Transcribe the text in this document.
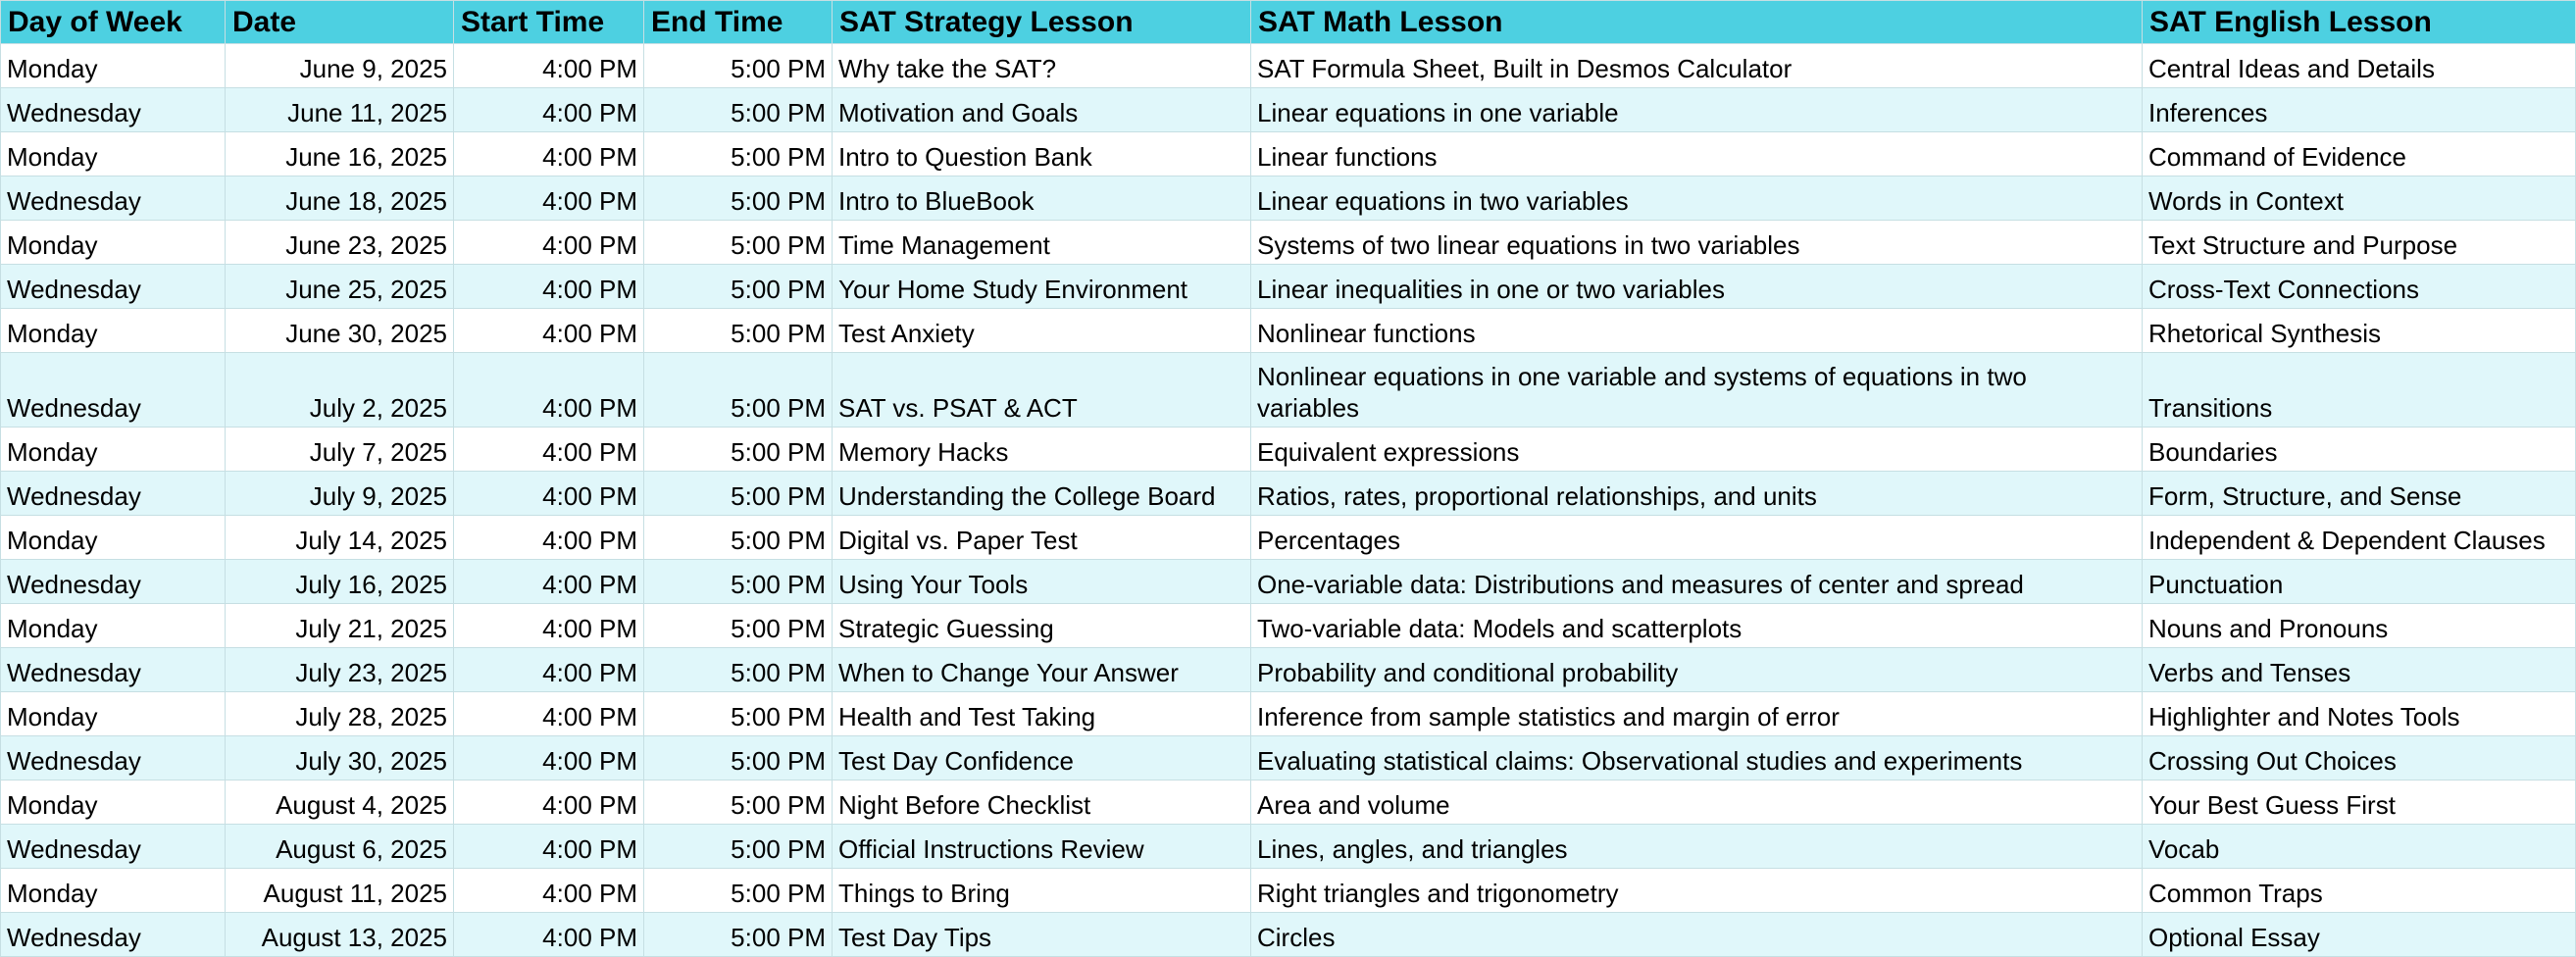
Day of Week	Date	Start Time	End Time	SAT Strategy Lesson	SAT Math Lesson	SAT English Lesson
Monday	June 9, 2025	4:00 PM	5:00 PM	Why take the SAT?	SAT Formula Sheet, Built in Desmos Calculator	Central Ideas and Details
Wednesday	June 11, 2025	4:00 PM	5:00 PM	Motivation and Goals	Linear equations in one variable	Inferences
Monday	June 16, 2025	4:00 PM	5:00 PM	Intro to Question Bank	Linear functions	Command of Evidence
Wednesday	June 18, 2025	4:00 PM	5:00 PM	Intro to BlueBook	Linear equations in two variables	Words in Context
Monday	June 23, 2025	4:00 PM	5:00 PM	Time Management	Systems of two linear equations in two variables	Text Structure and Purpose
Wednesday	June 25, 2025	4:00 PM	5:00 PM	Your Home Study Environment	Linear inequalities in one or two variables	Cross-Text Connections
Monday	June 30, 2025	4:00 PM	5:00 PM	Test Anxiety	Nonlinear functions	Rhetorical Synthesis
Wednesday	July 2, 2025	4:00 PM	5:00 PM	SAT vs. PSAT & ACT	Nonlinear equations in one variable and systems of equations in two variables	Transitions
Monday	July 7, 2025	4:00 PM	5:00 PM	Memory Hacks	Equivalent expressions	Boundaries
Wednesday	July 9, 2025	4:00 PM	5:00 PM	Understanding the College Board	Ratios, rates, proportional relationships, and units	Form, Structure, and Sense
Monday	July 14, 2025	4:00 PM	5:00 PM	Digital vs. Paper Test	Percentages	Independent & Dependent Clauses
Wednesday	July 16, 2025	4:00 PM	5:00 PM	Using Your Tools	One-variable data: Distributions and measures of center and spread	Punctuation
Monday	July 21, 2025	4:00 PM	5:00 PM	Strategic Guessing	Two-variable data: Models and scatterplots	Nouns and Pronouns
Wednesday	July 23, 2025	4:00 PM	5:00 PM	When to Change Your Answer	Probability and conditional probability	Verbs and Tenses
Monday	July 28, 2025	4:00 PM	5:00 PM	Health and Test Taking	Inference from sample statistics and margin of error	Highlighter and Notes Tools
Wednesday	July 30, 2025	4:00 PM	5:00 PM	Test Day Confidence	Evaluating statistical claims: Observational studies and experiments	Crossing Out Choices
Monday	August 4, 2025	4:00 PM	5:00 PM	Night Before Checklist	Area and volume	Your Best Guess First
Wednesday	August 6, 2025	4:00 PM	5:00 PM	Official Instructions Review	Lines, angles, and triangles	Vocab
Monday	August 11, 2025	4:00 PM	5:00 PM	Things to Bring	Right triangles and trigonometry	Common Traps
Wednesday	August 13, 2025	4:00 PM	5:00 PM	Test Day Tips	Circles	Optional Essay
